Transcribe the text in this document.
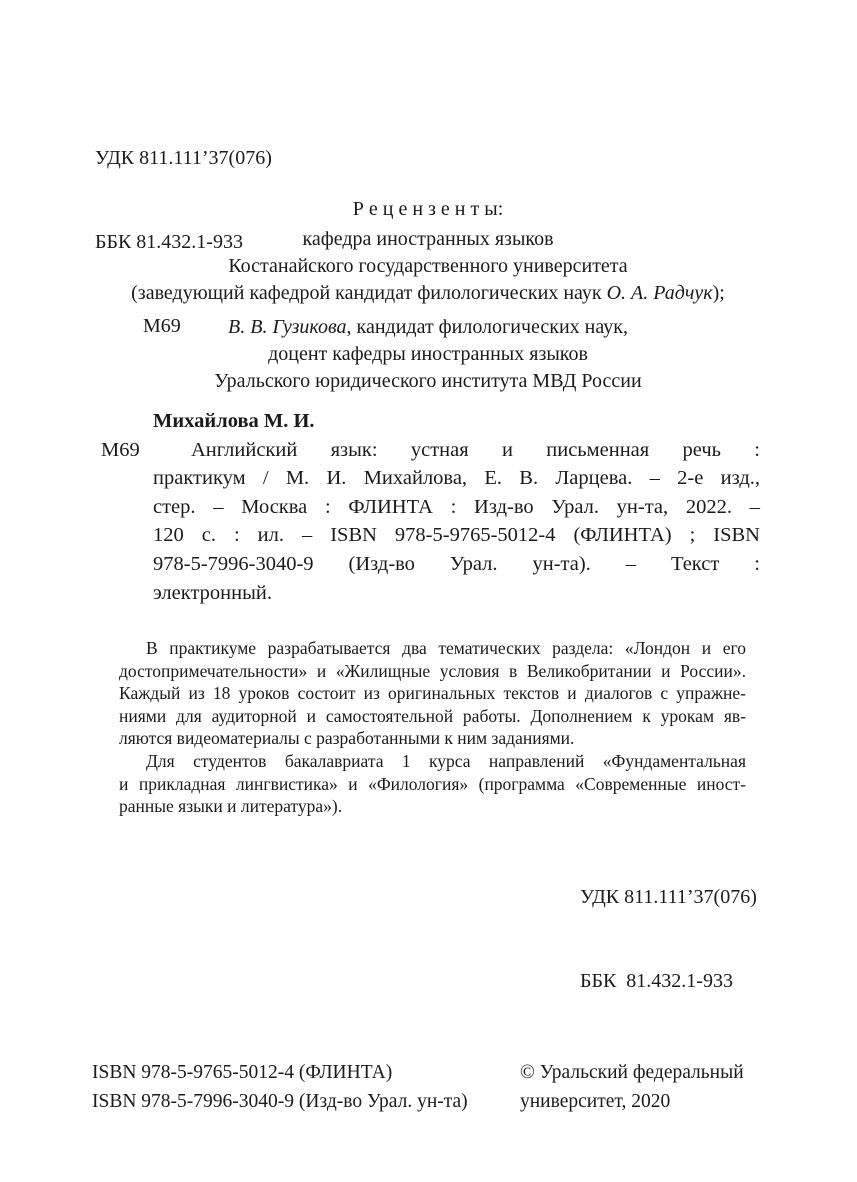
УДК 811.111’37(076)

ББК 81.432.1-933

М69

Р е ц е н з е н т ы:
кафедра иностранных языков
Костанайского государственного университета
(заведующий кафедрой кандидат филологических наук О. А. Радчук);
В. В. Гузикова, кандидат филологических наук,
доцент кафедры иностранных языков
Уральского юридического института МВД России
Михайлова М. И.
М69	Английский язык: устная и письменная речь :
практикум / М. И. Михайлова, Е. В. Ларцева. – 2-е изд.,
стер. – Москва : ФЛИНТА : Изд-во Урал. ун-та, 2022. –
120 с. : ил. – ISBN 978-5-9765-5012-4 (ФЛИНТА) ; ISBN
978-5-7996-3040-9 (Изд-во Урал. ун-та). – Текст :
электронный.
В практикуме разрабатывается два тематических раздела: «Лондон и его
достопримечательности» и «Жилищные условия в Великобритании и России».
Каждый из 18 уроков состоит из оригинальных текстов и диалогов с упражне-
ниями для аудиторной и самостоятельной работы. Дополнением к урокам яв-
ляются видеоматериалы с разработанными к ним заданиями.
Для студентов бакалавриата 1 курса направлений «Фундаментальная
и прикладная лингвистика» и «Филология» (программа «Современные иност-
ранные языки и литература»).

УДК 811.111’37(076)

ББК  81.432.1-933

ISBN 978-5-9765-5012-4 (ФЛИНТА)
ISBN 978-5-7996-3040-9 (Изд-во Урал. ун-та)
© Уральский федеральный
университет, 2020
